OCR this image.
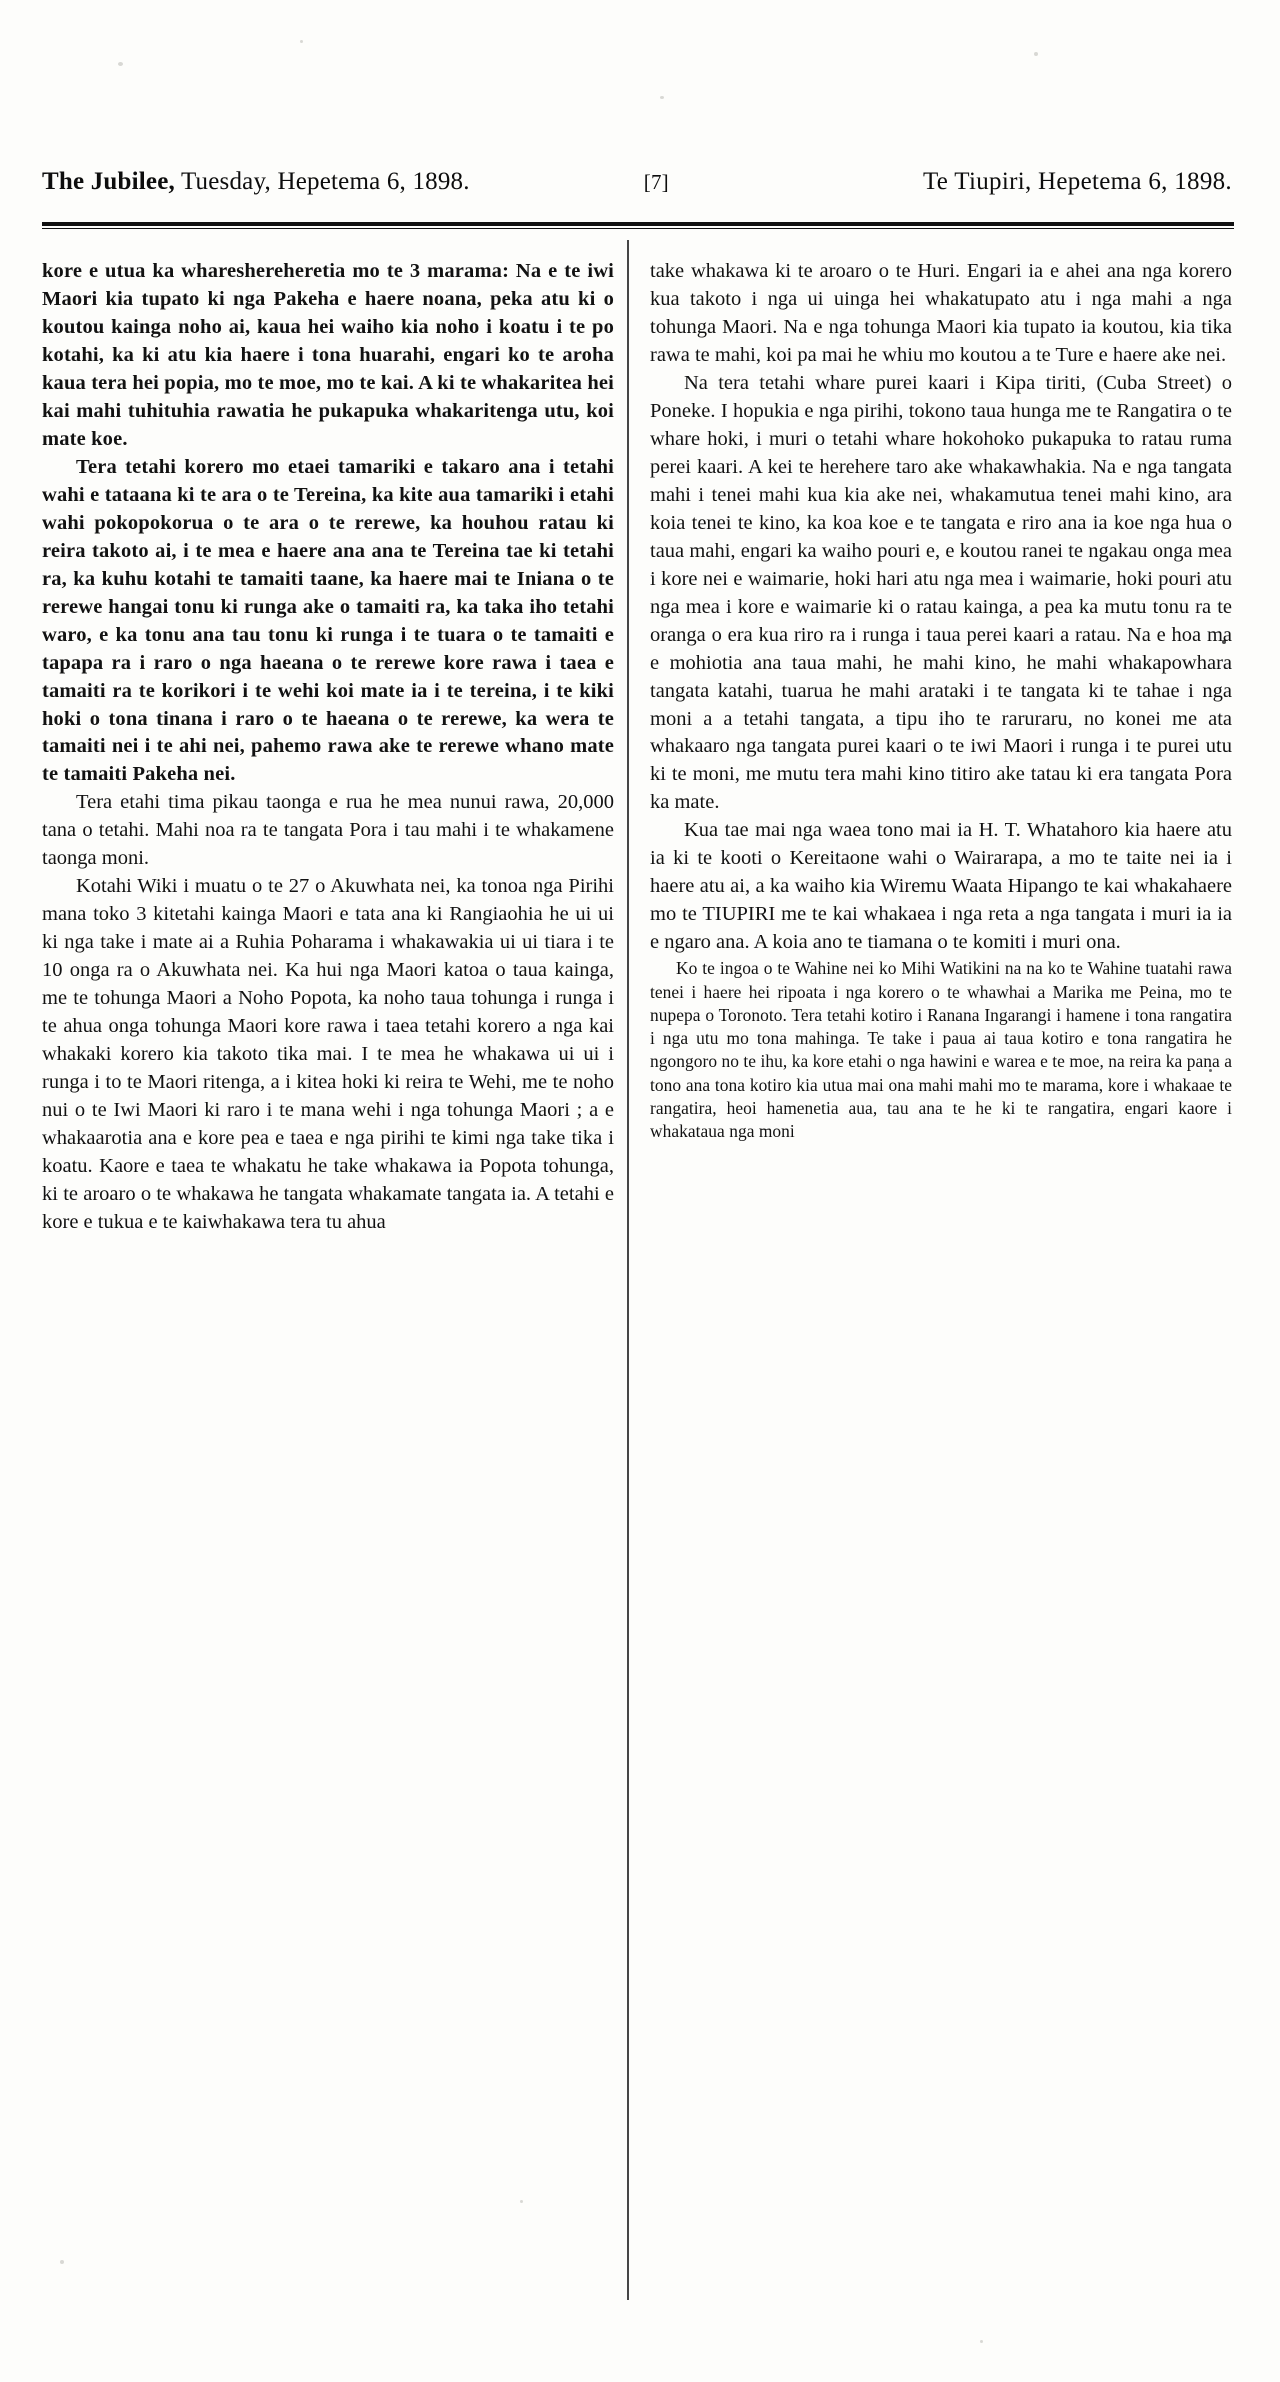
The Jubilee, Tuesday, Hepetema 6, 1898.	[7]	Te Tiupiri, Hepetema 6, 1898.

kore e utua ka whareshereheretia mo te 3 marama: Na e te iwi Maori kia tupato ki nga Pakeha e haere noana, peka atu ki o koutou kainga noho ai, kaua hei waiho kia noho i koatu i te po kotahi, ka ki atu kia haere i tona huarahi, engari ko te aroha kaua tera hei popia, mo te moe, mo te kai. A ki te whakaritea hei kai mahi tuhituhia rawatia he pukapuka whakaritenga utu, koi mate koe.

Tera tetahi korero mo etaei tamariki e takaro ana i tetahi wahi e tataana ki te ara o te Tereina, ka kite aua tamariki i etahi wahi pokopokorua o te ara o te rerewe, ka houhou ratau ki reira takoto ai, i te mea e haere ana ana te Tereina tae ki tetahi ra, ka kuhu kotahi te tamaiti taane, ka haere mai te Iniana o te rerewe hangai tonu ki runga ake o tamaiti ra, ka taka iho tetahi waro, e ka tonu ana tau tonu ki runga i te tuara o te tamaiti e tapapa ra i raro o nga haeana o te rerewe kore rawa i taea e tamaiti ra te korikori i te wehi koi mate ia i te tereina, i te kiki hoki o tona tinana i raro o te haeana o te rerewe, ka wera te tamaiti nei i te ahi nei, pahemo rawa ake te rerewe whano mate te tamaiti Pakeha nei.

Tera etahi tima pikau taonga e rua he mea nunui rawa, 20,000 tana o tetahi. Mahi noa ra te tangata Pora i tau mahi i te whakamene taonga moni.

Kotahi Wiki i muatu o te 27 o Akuwhata nei, ka tonoa nga Pirihi mana toko 3 kitetahi kainga Maori e tata ana ki Rangiaohia he ui ui ki nga take i mate ai a Ruhia Poharama i whakawakia ui ui tiara i te 10 onga ra o Akuwhata nei. Ka hui nga Maori katoa o taua kainga, me te tohunga Maori a Noho Popota, ka noho taua tohunga i runga i te ahua onga tohunga Maori kore rawa i taea tetahi korero a nga kai whakaki korero kia takoto tika mai. I te mea he whakawa ui ui i runga i to te Maori ritenga, a i kitea hoki ki reira te Wehi, me te noho nui o te Iwi Maori ki raro i te mana wehi i nga tohunga Maori ; a e whakaarotia ana e kore pea e taea e nga pirihi te kimi nga take tika i koatu. Kaore e taea te whakatu he take whakawa ia Popota tohunga, ki te aroaro o te whakawa he tangata whakamate tangata ia. A tetahi e kore e tukua e te kaiwhakawa tera tu ahua

take whakawa ki te aroaro o te Huri. Engari ia e ahei ana nga korero kua takoto i nga ui uinga hei whakatupato atu i nga mahi a nga tohunga Maori. Na e nga tohunga Maori kia tupato ia koutou, kia tika rawa te mahi, koi pa mai he whiu mo koutou a te Ture e haere ake nei.

Na tera tetahi whare purei kaari i Kipa tiriti, (Cuba Street) o Poneke. I hopukia e nga pirihi, tokono taua hunga me te Rangatira o te whare hoki, i muri o tetahi whare hokohoko pukapuka to ratau ruma perei kaari. A kei te herehere taro ake whakawhakia. Na e nga tangata mahi i tenei mahi kua kia ake nei, whakamutua tenei mahi kino, ara koia tenei te kino, ka koa koe e te tangata e riro ana ia koe nga hua o taua mahi, engari ka waiho pouri e, e koutou ranei te ngakau onga mea i kore nei e waimarie, hoki hari atu nga mea i waimarie, hoki pouri atu nga mea i kore e waimarie ki o ratau kainga, a pea ka mutu tonu ra te oranga o era kua riro ra i runga i taua perei kaari a ratau. Na e hoa ma e mohiotia ana taua mahi, he mahi kino, he mahi whakapowhara tangata katahi, tuarua he mahi arataki i te tangata ki te tahae i nga moni a a tetahi tangata, a tipu iho te raruraru, no konei me ata whakaaro nga tangata purei kaari o te iwi Maori i runga i te purei utu ki te moni, me mutu tera mahi kino titiro ake tatau ki era tangata Pora ka mate.

Kua tae mai nga waea tono mai ia H. T. Whatahoro kia haere atu ia ki te kooti o Kereitaone wahi o Wairarapa, a mo te taite nei ia i haere atu ai, a ka waiho kia Wiremu Waata Hipango te kai whakahaere mo te TIUPIRI me te kai whakaea i nga reta a nga tangata i muri ia ia e ngaro ana. A koia ano te tiamana o te komiti i muri ona.

Ko te ingoa o te Wahine nei ko Mihi Watikini na na ko te Wahine tuatahi rawa tenei i haere hei ripoata i nga korero o te whawhai a Marika me Peina, mo te nupepa o Toronoto. Tera tetahi kotiro i Ranana Ingarangi i hamene i tona rangatira i nga utu mo tona mahinga. Te take i paua ai taua kotiro e tona rangatira he ngongoro no te ihu, ka kore etahi o nga hawini e warea e te moe, na reira ka pana a tono ana tona kotiro kia utua mai ona mahi mahi mo te marama, kore i whakaae te rangatira, heoi hamenetia aua, tau ana te he ki te rangatira, engari kaore i whakataua nga moni
